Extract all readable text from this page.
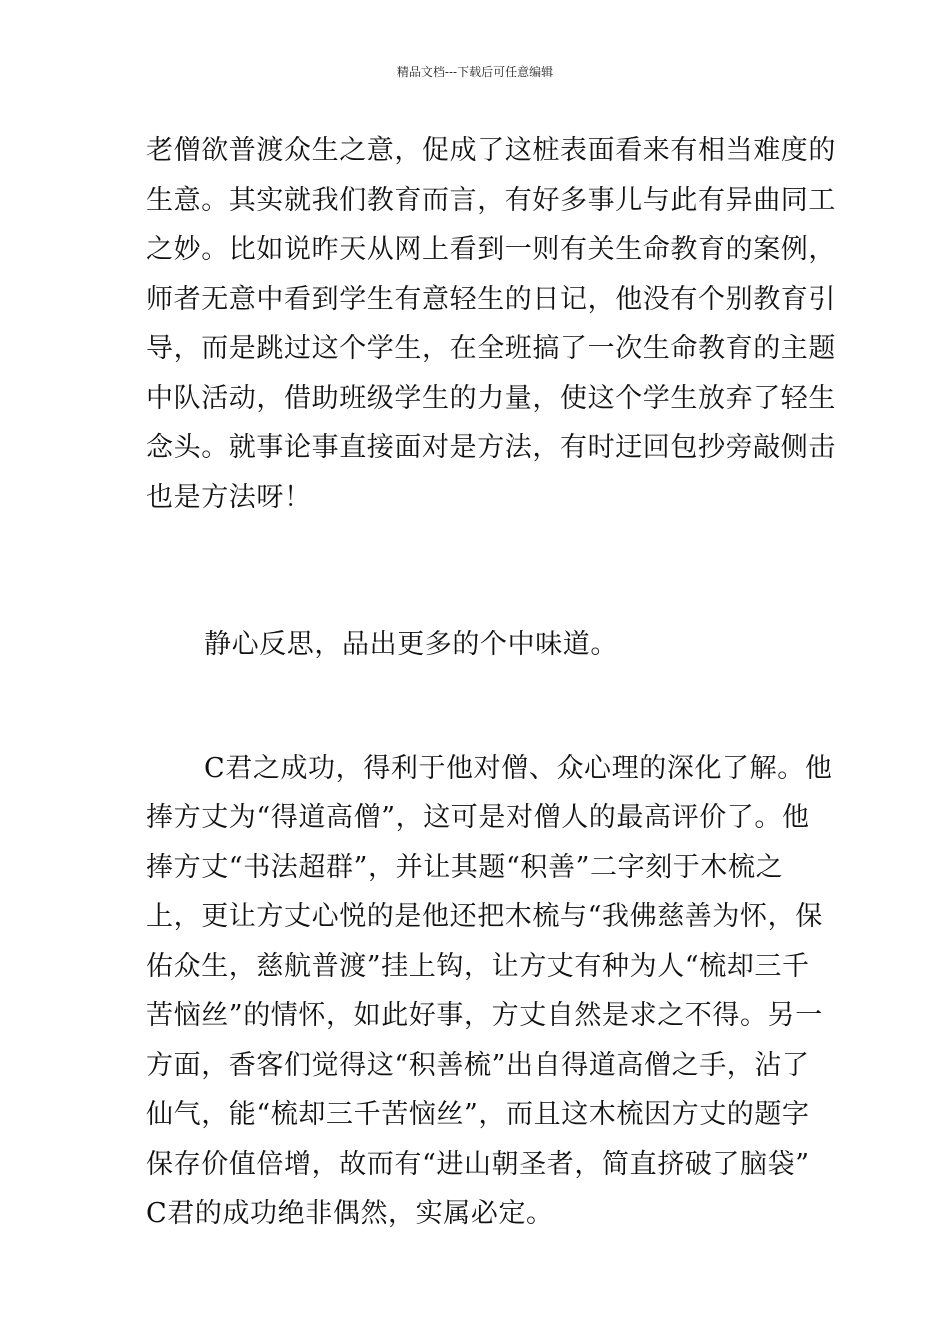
精品文档---下载后可任意编辑
老僧欲普渡众生之意，促成了这桩表面看来有相当难度的
生意。其实就我们教育而言，有好多事儿与此有异曲同工
之妙。比如说昨天从网上看到一则有关生命教育的案例，
师者无意中看到学生有意轻生的日记，他没有个别教育引
导，而是跳过这个学生，在全班搞了一次生命教育的主题
中队活动，借助班级学生的力量，使这个学生放弃了轻生
念头。就事论事直接面对是方法，有时迂回包抄旁敲侧击
也是方法呀！
静心反思，品出更多的个中味道。
C君之成功，得利于他对僧、众心理的深化了解。他
捧方丈为“得道高僧”，这可是对僧人的最高评价了。他
捧方丈“书法超群”，并让其题“积善”二字刻于木梳之
上，更让方丈心悦的是他还把木梳与“我佛慈善为怀，保
佑众生，慈航普渡”挂上钩，让方丈有种为人“梳却三千
苦恼丝”的情怀，如此好事，方丈自然是求之不得。另一
方面，香客们觉得这“积善梳”出自得道高僧之手，沾了
仙气，能“梳却三千苦恼丝”，而且这木梳因方丈的题字
保存价值倍增，故而有“进山朝圣者，简直挤破了脑袋”
C君的成功绝非偶然，实属必定。
